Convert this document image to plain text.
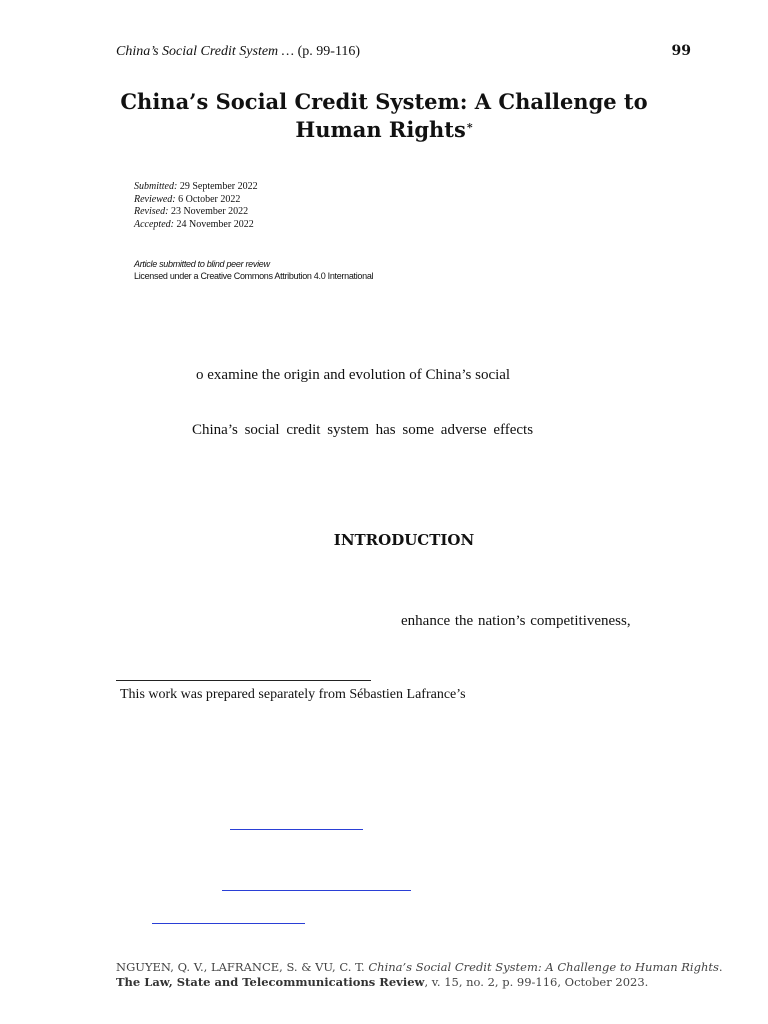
China’s Social Credit System … (p. 99-116)	99
China’s Social Credit System: A Challenge to Human Rights*
Submitted: 29 September 2022
Reviewed: 6 October 2022
Revised: 23 November 2022
Accepted: 24 November 2022
Article submitted to blind peer review
Licensed under a Creative Commons Attribution 4.0 International
o examine the origin and evolution of China’s social
China’s social credit system has some adverse effects
INTRODUCTION
enhance the nation’s competitiveness,
This work was prepared separately from Sébastien Lafrance’s
NGUYEN, Q. V., LAFRANCE, S. & VU, C. T. China’s Social Credit System: A Challenge to Human Rights.
The Law, State and Telecommunications Review, v. 15, no. 2, p. 99-116, October 2023.
